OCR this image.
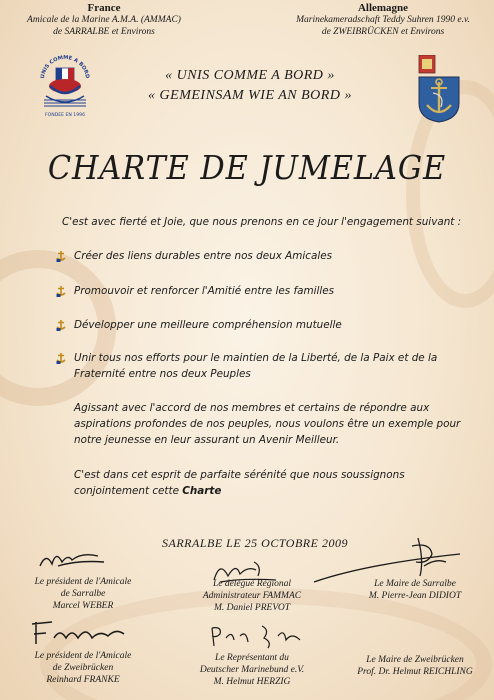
France
Amicale de la Marine A.M.A. (AMMAC)
de SARRALBE et Environs
Allemagne
Marinekameradschaft Teddy Suhren 1990 e.v.
de ZWEIBRÜCKEN et Environs
UNIS COMME A BORD
FONDEE EN 1996
« UNIS COMME A BORD »
« GEMEINSAM WIE AN BORD »
CHARTE DE JUMELAGE
C'est avec fierté et Joie, que nous prenons en ce jour l'engagement suivant :
Créer des liens durables entre nos deux Amicales
Promouvoir et renforcer l'Amitié entre les familles
Développer une meilleure compréhension mutuelle
Unir tous nos efforts pour le maintien de la Liberté, de la Paix et de la Fraternité entre nos deux Peuples
Agissant avec l'accord de nos membres et certains de répondre aux aspirations profondes de nos peuples, nous voulons être un exemple pour notre jeunesse en leur assurant un Avenir Meilleur.
C'est dans cet esprit de parfaite sérénité que nous soussignons conjointement cette Charte
SARRALBE LE 25 OCTOBRE 2009
Le président de l'Amicale
de Sarralbe
Marcel WEBER
Le délégué Régional
Administrateur FAMMAC
M. Daniel PREVOT
Le Maire de Sarralbe
M. Pierre-Jean DIDIOT
Le président de l'Amicale
de Zweibrücken
Reinhard FRANKE
Le Représentant du
Deutscher Marinebund e.V.
M. Helmut HERZIG
Le Maire de Zweibrücken
Prof. Dr. Helmut REICHLING
